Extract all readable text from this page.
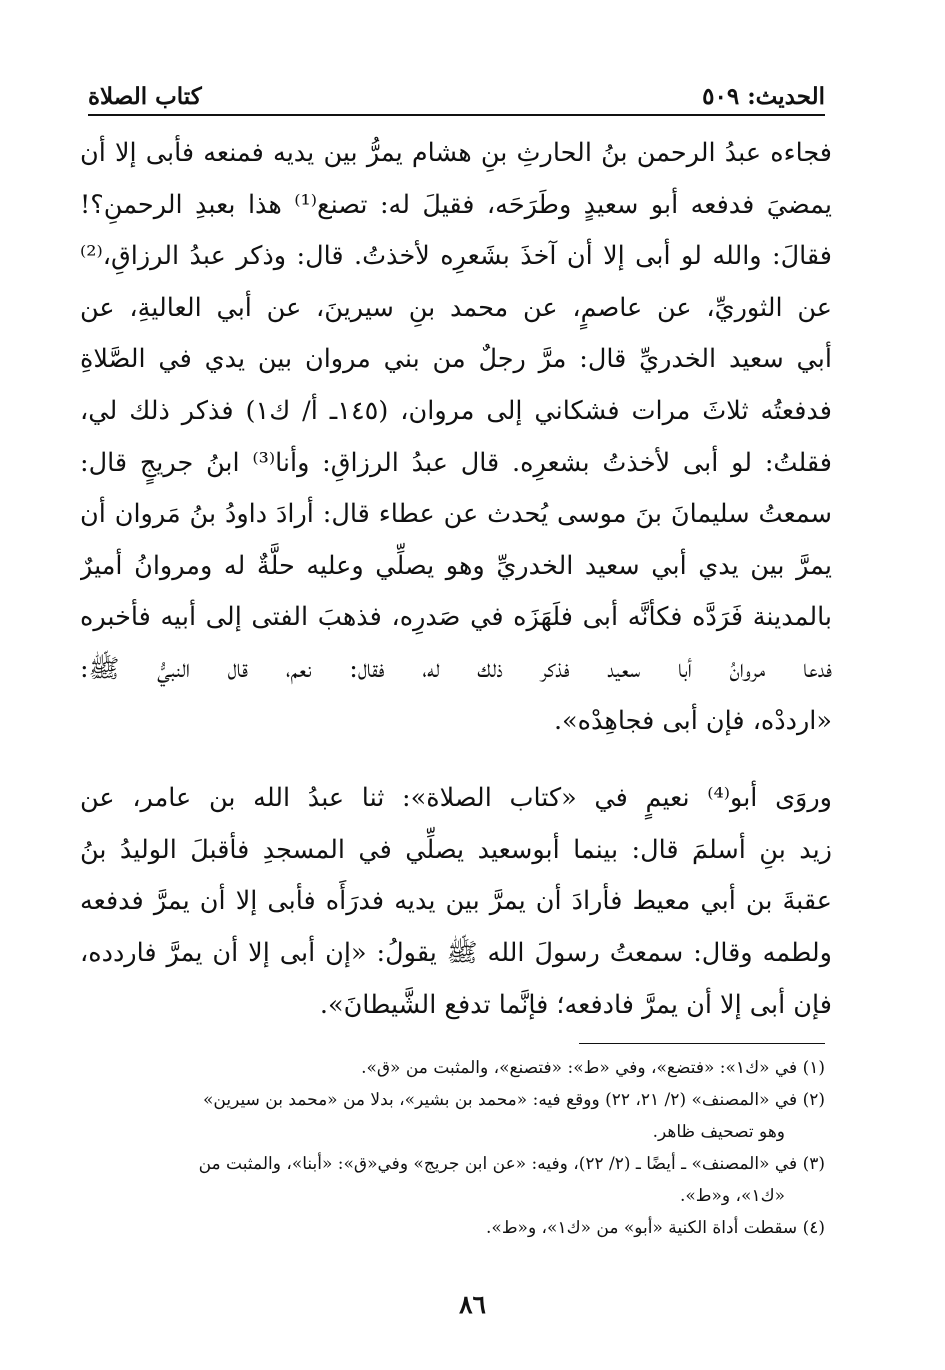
الحديث: ٥٠٩
كتاب الصلاة
فجاءه عبدُ الرحمن بنُ الحارثِ بنِ هشام يمرُّ بين يديه فمنعه فأبى إلا أن
يمضيَ فدفعه أبو سعيدٍ وطَرَحَه، فقيلَ له: تصنع⁽¹⁾ هذا بعبدِ الرحمنِ؟!
فقالَ: والله لو أبى إلا أن آخذَ بشَعرِه لأخذتُ. قال: وذكر عبدُ الرزاقِ،⁽²⁾
عن الثوريِّ، عن عاصمٍ، عن محمد بنِ سيرينَ، عن أبي العاليةِ، عن
أبي سعيد الخدريِّ قال: مرَّ رجلٌ من بني مروان بين يدي في الصَّلاةِ
فدفعتُه ثلاثَ مرات فشكاني إلى مروان، (١٤٥ـ أ/ ك١) فذكر ذلك لي،
فقلتُ: لو أبى لأخذتُ بشعرِه. قال عبدُ الرزاقِ: وأنا⁽³⁾ ابنُ جريجٍ قال:
سمعتُ سليمانَ بنَ موسى يُحدث عن عطاء قال: أرادَ داودُ بنُ مَروان أن
يمرَّ بين يدي أبي سعيد الخدريِّ وهو يصلِّي وعليه حلَّةٌ له ومروانُ أميرٌ
بالمدينة فَرَدَّه فكأنَّه أبى فلَهَزَه في صَدرِه، فذهبَ الفتى إلى أبيه فأخبره
فدعا مروانُ أبا سعيد فذكر ذلك له، فقال: نعم، قال النبيُّ ﷺ:
«ارددْه، فإن أبى فجاهِدْه».
وروَى أبو⁽⁴⁾ نعيمٍ في «كتاب الصلاة»: ثنا عبدُ الله بن عامر، عن
زيد بنِ أسلمَ قال: بينما أبوسعيد يصلِّي في المسجدِ فأقبلَ الوليدُ بنُ
عقبةَ بن أبي معيط فأرادَ أن يمرَّ بين يديه فدرَأَه فأبى إلا أن يمرَّ فدفعه
ولطمه وقال: سمعتُ رسولَ الله ﷺ يقولُ: «إن أبى إلا أن يمرَّ فاردده،
فإن أبى إلا أن يمرَّ فادفعه؛ فإنَّما تدفع الشَّيطانَ».

(١) في «ك١»: «فتضع»، وفي «ط»: «فتصنع»، والمثبت من «ق».

(٢) في «المصنف» (٢/ ٢١، ٢٢) ووقع فيه: «محمد بن بشير»، بدلا من «محمد بن سيرين»

وهو تصحيف ظاهر.

(٣) في «المصنف» ـ أيضًا ـ (٢/ ٢٢)، وفيه: «عن ابن جريج» وفي«ق»: «أبنا»، والمثبت من

«ك١»، و«ط».

(٤) سقطت أداة الكنية «أبو» من «ك١»، و«ط».

٨٦
